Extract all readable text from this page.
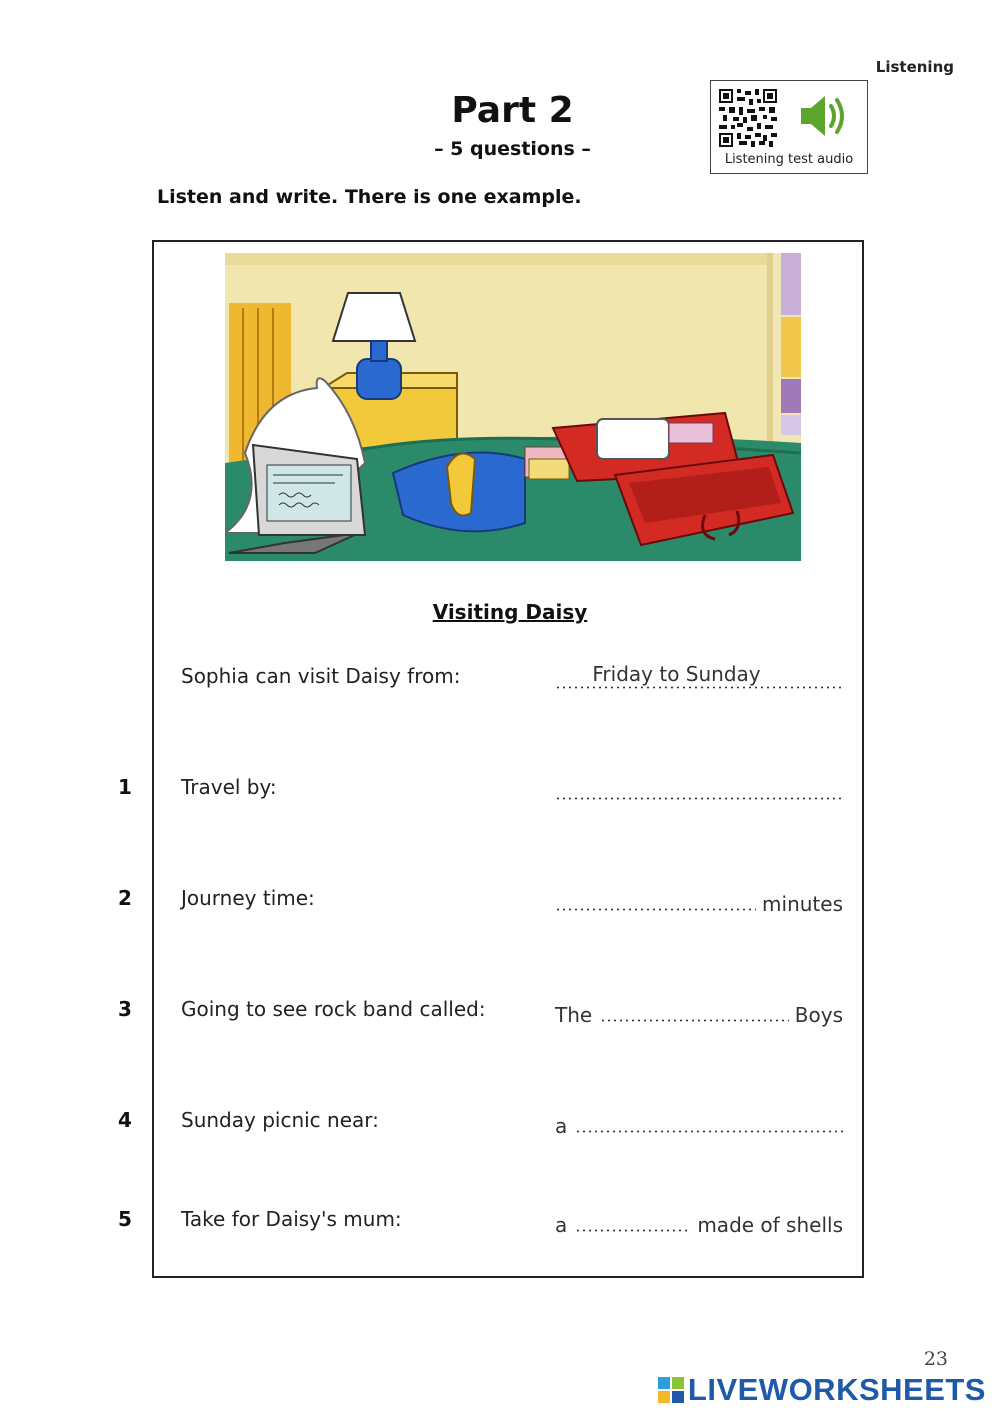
Listening
Part 2
– 5 questions –	Listening test audio
Listen and write. There is one example.
Visiting Daisy
Sophia can visit Daisy from:	Friday to Sunday
1	Travel by:
2	Journey time:	minutes
3	Going to see rock band called:	The	Boys
4	Sunday picnic near:	a
5	Take for Daisy's mum:	a	made of shells
23
LIVEWORKSHEETS
